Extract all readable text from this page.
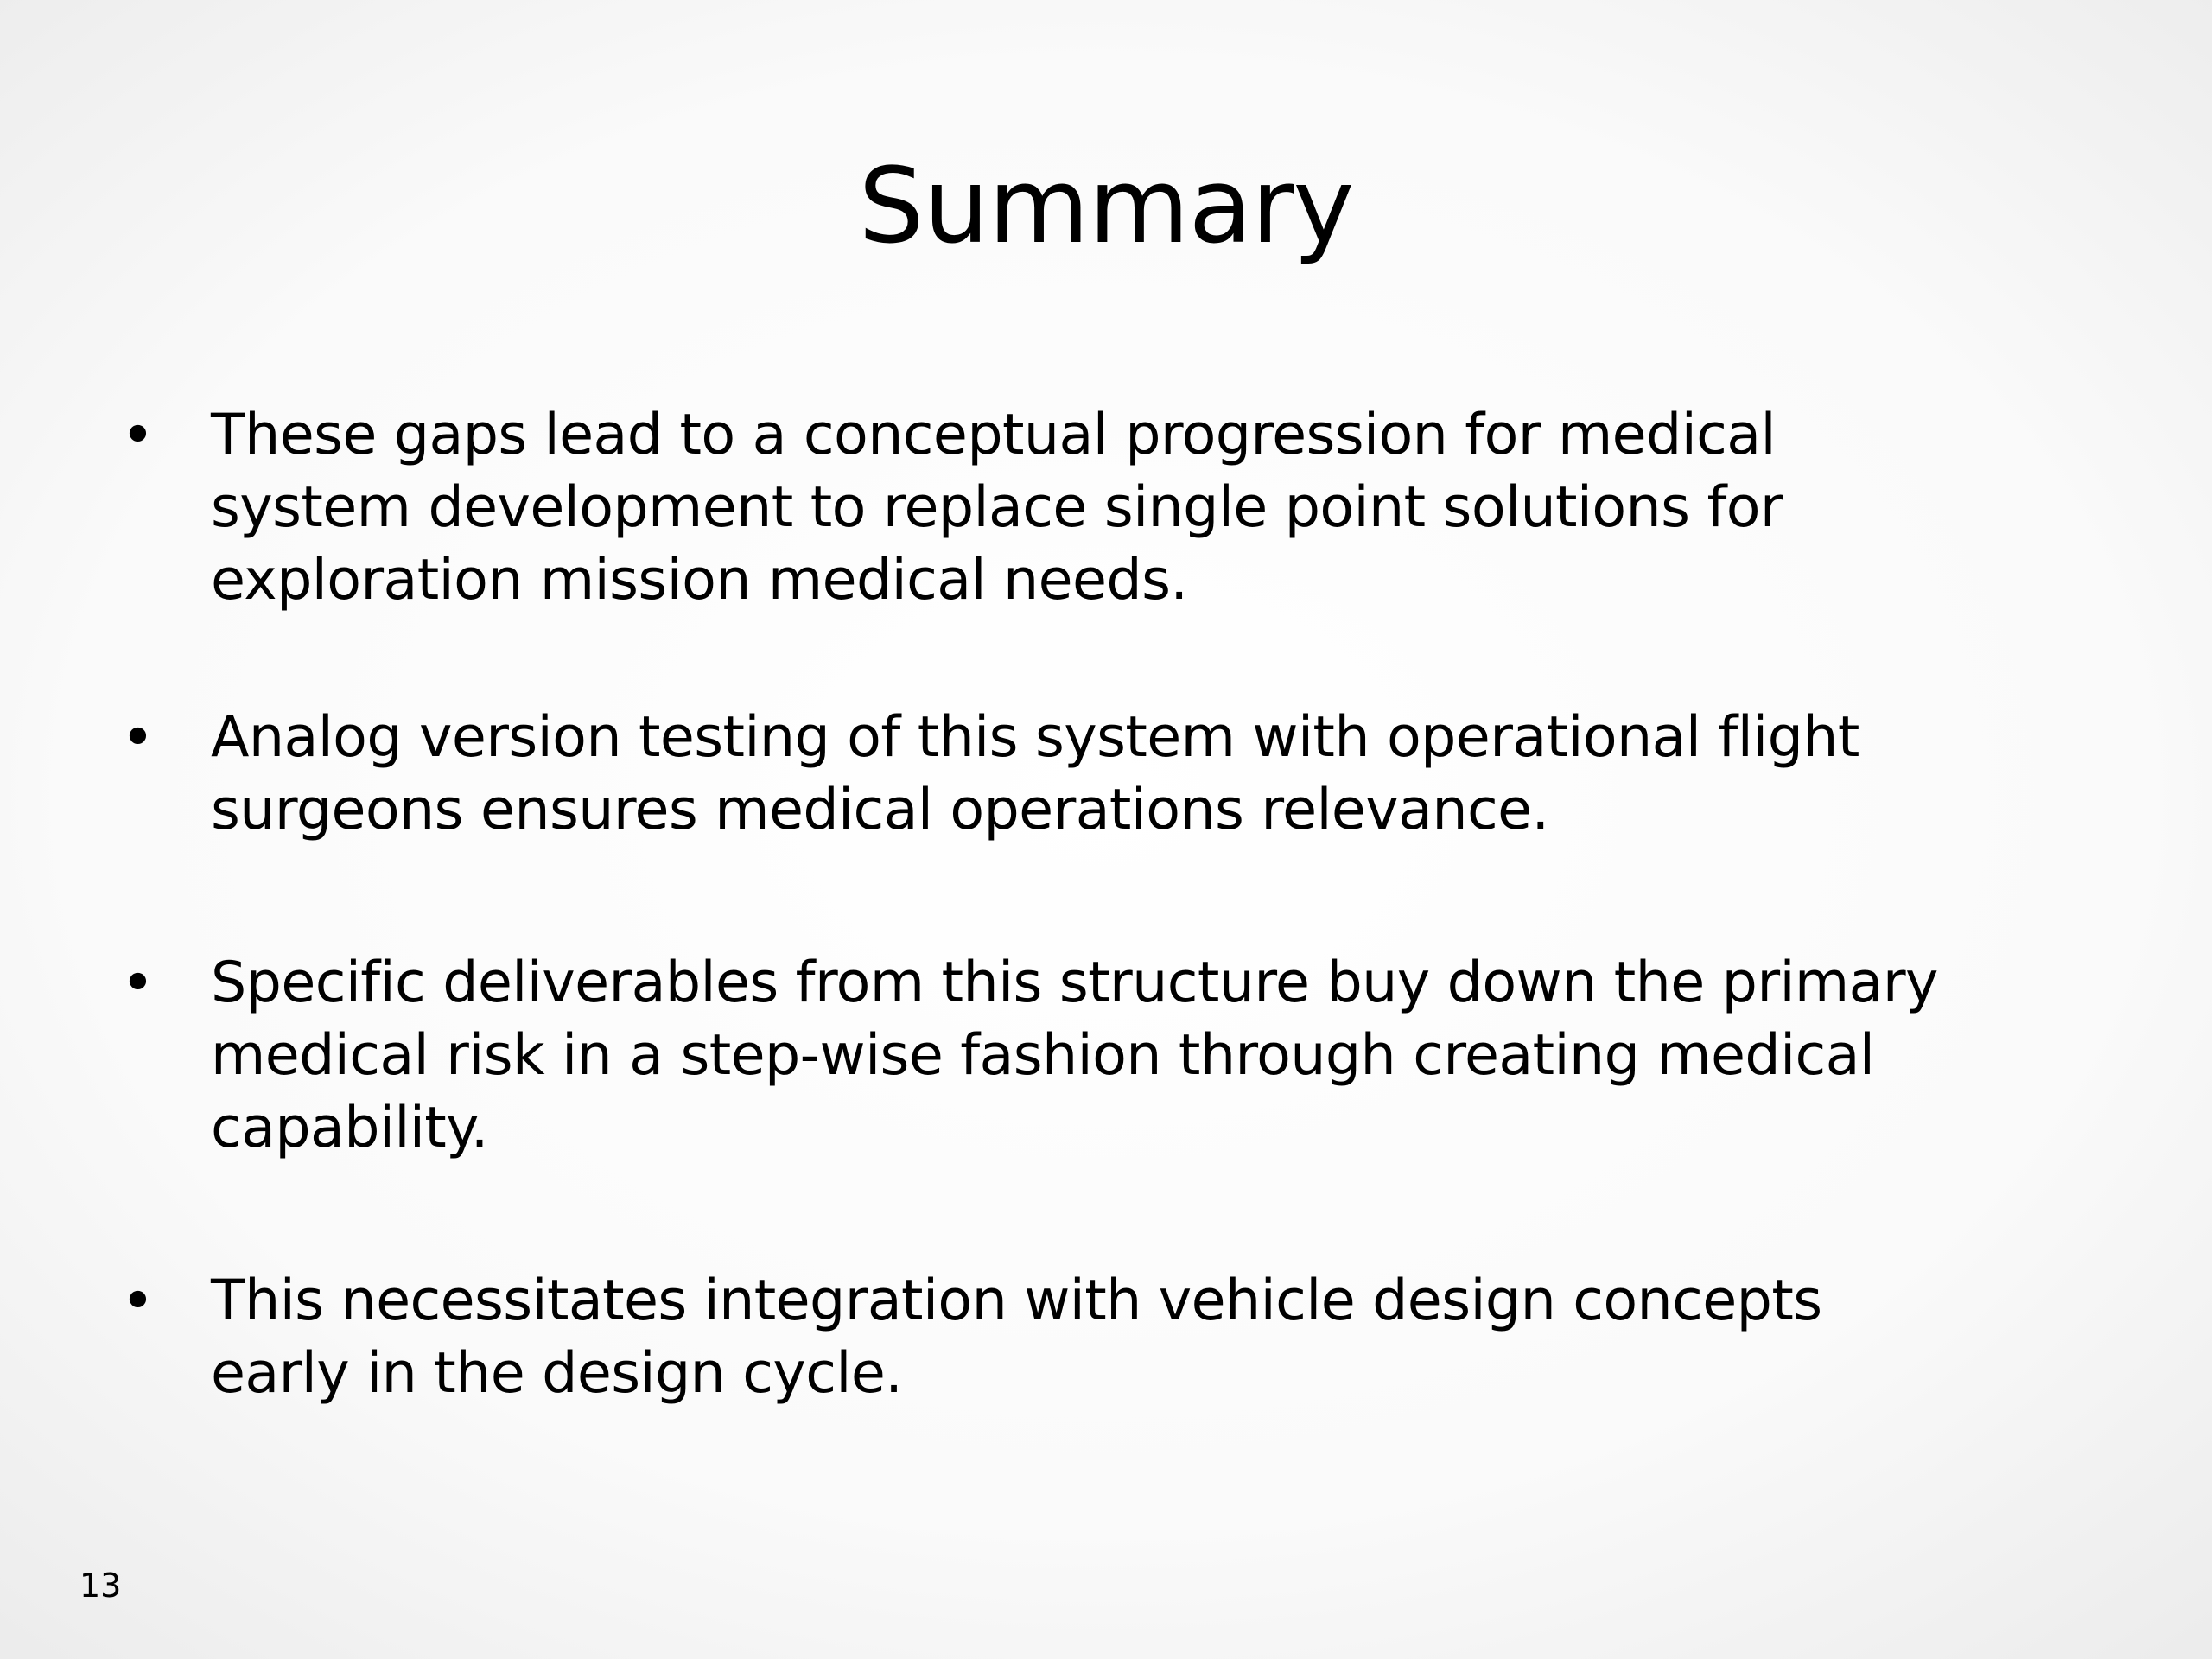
Summary
•	These gaps lead to a conceptual progression for medical
system development to replace single point solutions for
exploration mission medical needs.
•	Analog version testing of this system with operational flight
surgeons ensures medical operations relevance.
•	Specific deliverables from this structure buy down the primary
medical risk in a step-wise fashion through creating medical
capability.
•	This necessitates integration with vehicle design concepts
early in the design cycle.
13
